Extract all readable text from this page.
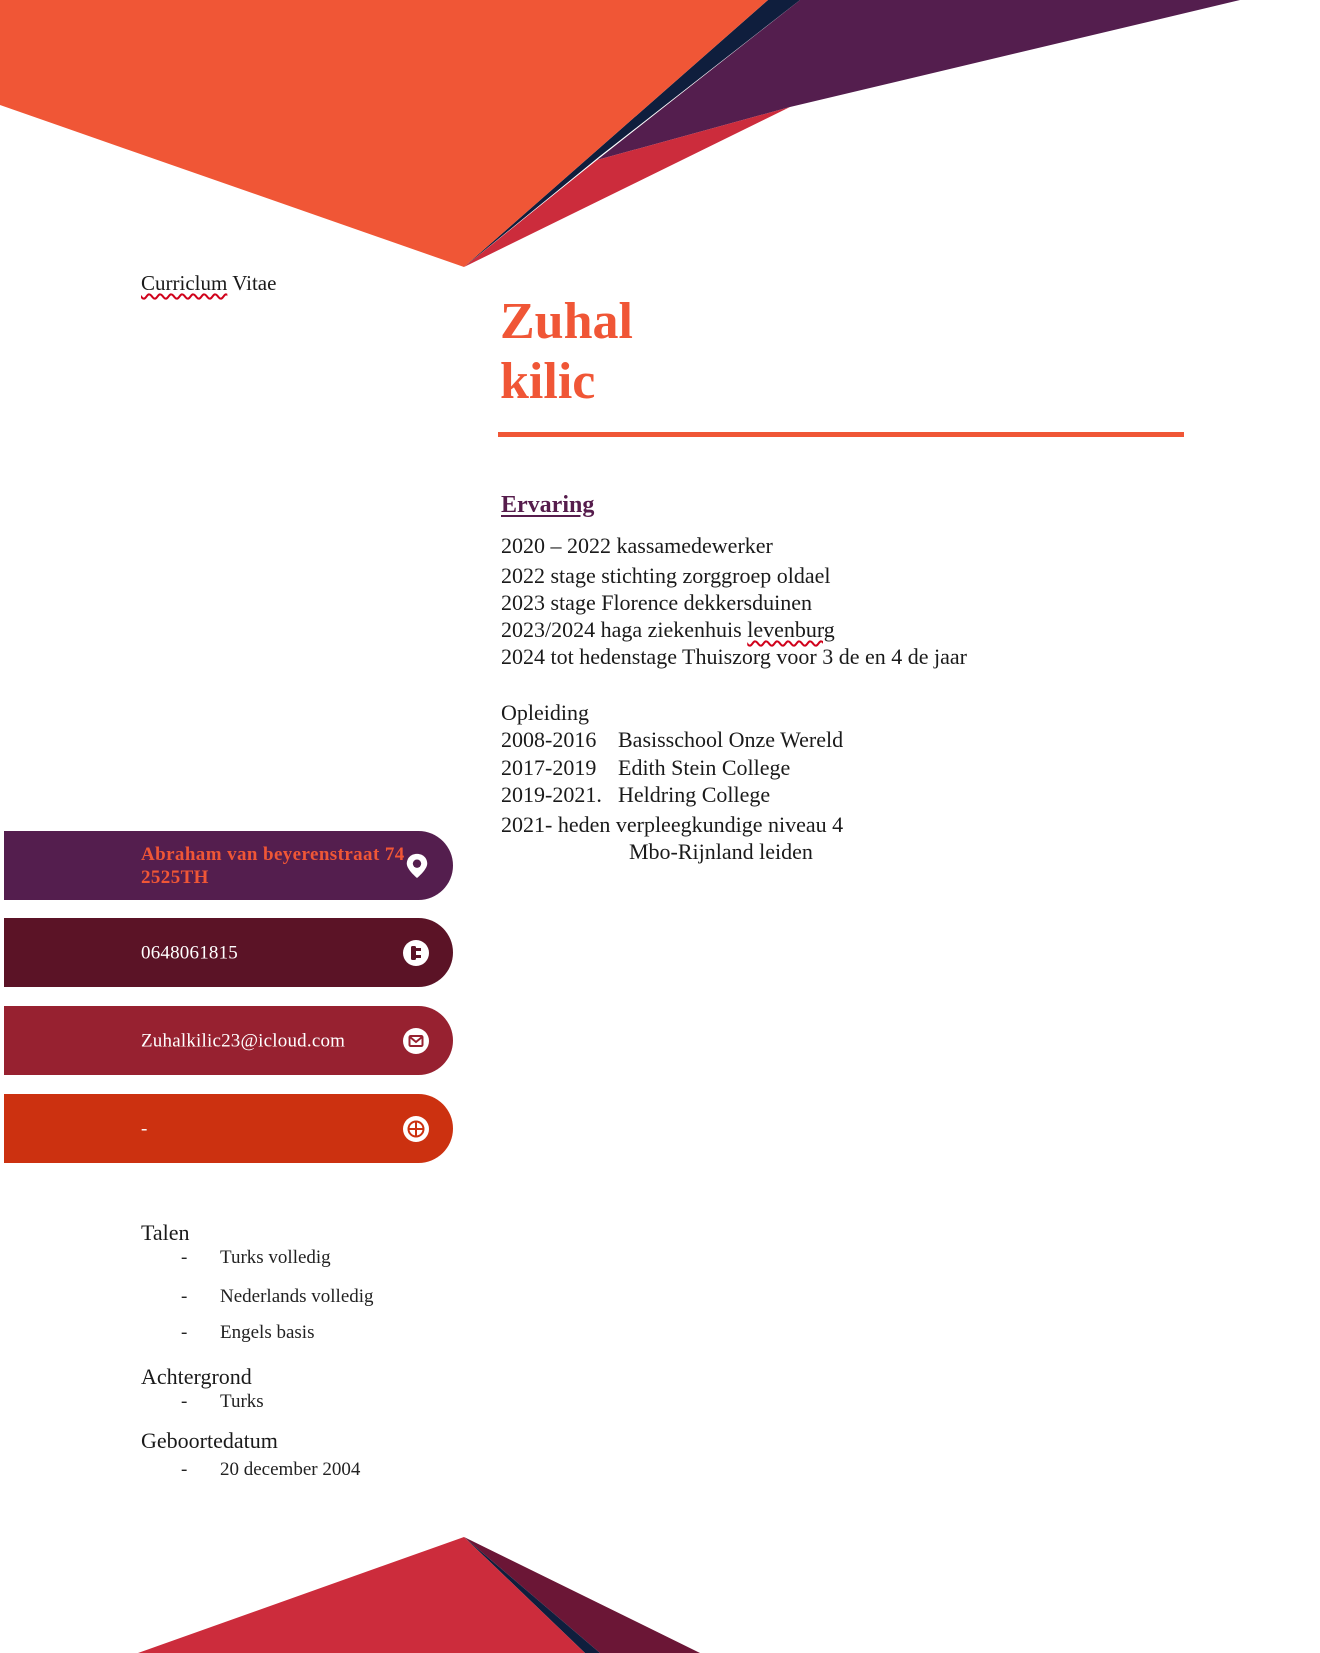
Curriclum Vitae
Zuhal
kilic
Ervaring
2020 – 2022 kassamedewerker
2022 stage stichting zorggroep oldael
2023 stage Florence dekkersduinen
2023/2024 haga ziekenhuis levenburg
2024 tot hedenstage Thuiszorg voor 3 de en 4 de jaar
Opleiding
2008-2016 Basisschool Onze Wereld
2017-2019 Edith Stein College
2019-2021. Heldring College
2021- heden verpleegkundige niveau 4
Mbo-Rijnland leiden
Abraham van beyerenstraat 74
2525TH
0648061815
Zuhalkilic23@icloud.com
-
Talen
- Turks volledig
- Nederlands volledig
- Engels basis
Achtergrond
- Turks
Geboortedatum
- 20 december 2004
